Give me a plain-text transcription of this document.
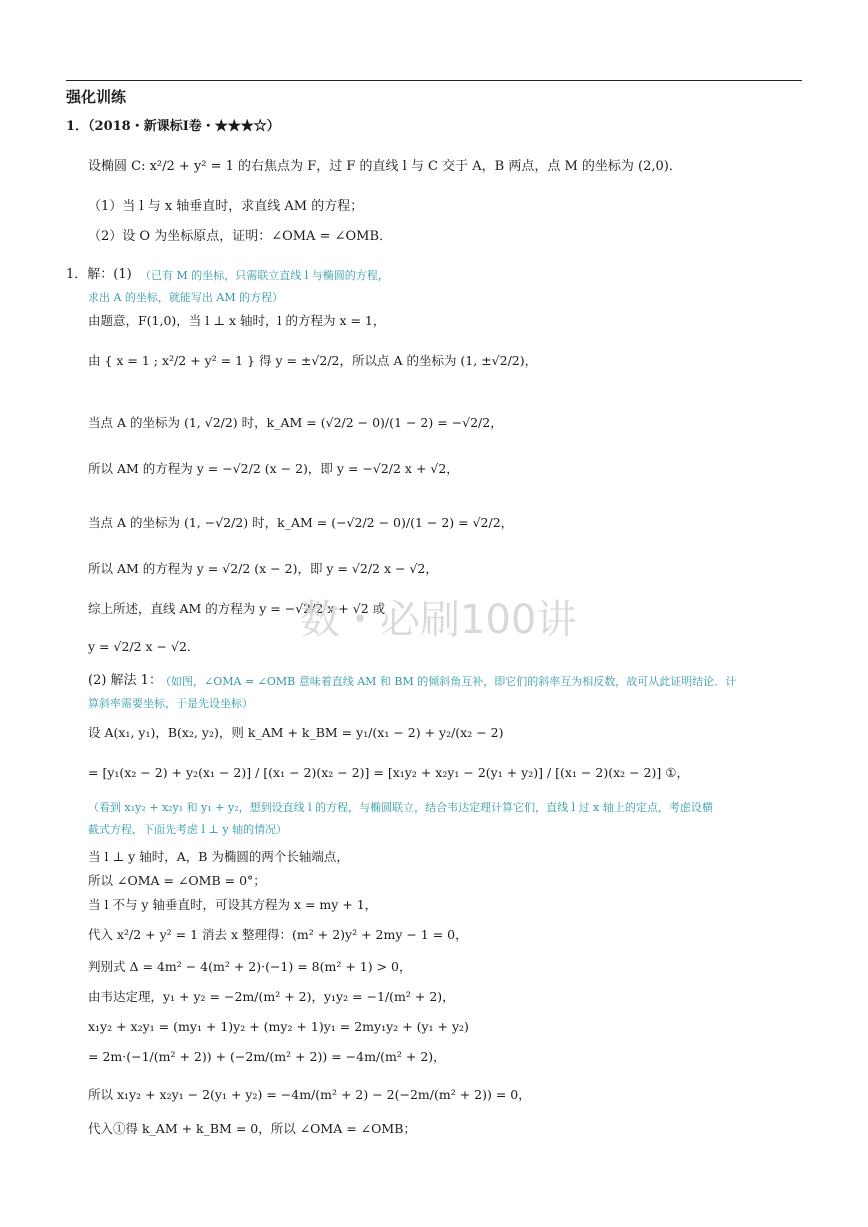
强化训练
1．（2018・新课标Ⅰ卷・★★★☆）
设椭圆 C: x²/2 + y² = 1 的右焦点为 F，过 F 的直线 l 与 C 交于 A，B 两点，点 M 的坐标为 (2,0)．
（1）当 l 与 x 轴垂直时，求直线 AM 的方程；
（2）设 O 为坐标原点，证明：∠OMA = ∠OMB．
1．解：(1) （已有 M 的坐标，只需联立直线 l 与椭圆的方程，
求出 A 的坐标，就能写出 AM 的方程）
由题意，F(1,0)，当 l ⊥ x 轴时，l 的方程为 x = 1，
由 { x = 1 ; x²/2 + y² = 1 } 得 y = ±√2/2，所以点 A 的坐标为 (1, ±√2/2)，
当点 A 的坐标为 (1, √2/2) 时，k_AM = (√2/2 − 0)/(1 − 2) = −√2/2，
所以 AM 的方程为 y = −√2/2 (x − 2)，即 y = −√2/2 x + √2，
当点 A 的坐标为 (1, −√2/2) 时，k_AM = (−√2/2 − 0)/(1 − 2) = √2/2，
所以 AM 的方程为 y = √2/2 (x − 2)，即 y = √2/2 x − √2，
综上所述，直线 AM 的方程为 y = −√2/2 x + √2 或
y = √2/2 x − √2．
(2) 解法 1：
（如图，∠OMA = ∠OMB 意味着直线 AM 和 BM 的倾斜角互补，即它们的斜率互为相反数，故可从此证明结论．计
算斜率需要坐标，于是先设坐标）
设 A(x₁, y₁)，B(x₂, y₂)，则 k_AM + k_BM = y₁/(x₁ − 2) + y₂/(x₂ − 2)
= [y₁(x₂ − 2) + y₂(x₁ − 2)] / [(x₁ − 2)(x₂ − 2)] = [x₁y₂ + x₂y₁ − 2(y₁ + y₂)] / [(x₁ − 2)(x₂ − 2)] ①，
（看到 x₁y₂ + x₂y₁ 和 y₁ + y₂，想到设直线 l 的方程，与椭圆联立，结合韦达定理计算它们，直线 l 过 x 轴上的定点，考虑设横
截式方程，下面先考虑 l ⊥ y 轴的情况）
当 l ⊥ y 轴时，A，B 为椭圆的两个长轴端点，
所以 ∠OMA = ∠OMB = 0°；
当 l 不与 y 轴垂直时，可设其方程为 x = my + 1，
代入 x²/2 + y² = 1 消去 x 整理得：(m² + 2)y² + 2my − 1 = 0，
判别式 Δ = 4m² − 4(m² + 2)·(−1) = 8(m² + 1) > 0，
由韦达定理，y₁ + y₂ = −2m/(m² + 2)，y₁y₂ = −1/(m² + 2)，
x₁y₂ + x₂y₁ = (my₁ + 1)y₂ + (my₂ + 1)y₁ = 2my₁y₂ + (y₁ + y₂)
= 2m·(−1/(m² + 2)) + (−2m/(m² + 2)) = −4m/(m² + 2)，
所以 x₁y₂ + x₂y₁ − 2(y₁ + y₂) = −4m/(m² + 2) − 2(−2m/(m² + 2)) = 0，
代入①得 k_AM + k_BM = 0，所以 ∠OMA = ∠OMB；
数・必刷100讲
